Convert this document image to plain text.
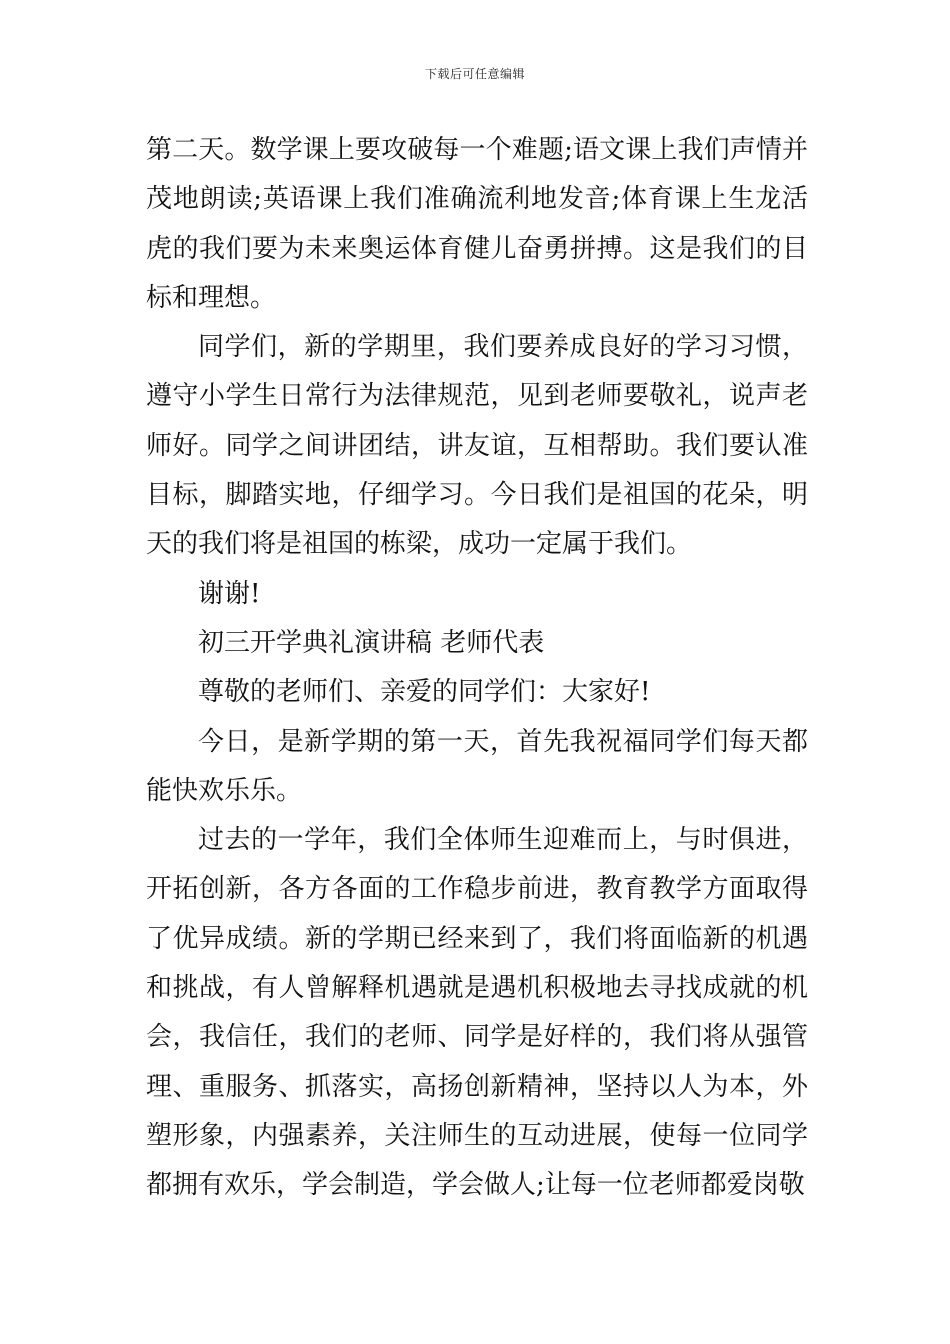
下载后可任意编辑

第二天。数学课上要攻破每一个难题;语文课上我们声情并茂地朗读;英语课上我们准确流利地发音;体育课上生龙活虎的我们要为未来奥运体育健儿奋勇拼搏。这是我们的目标和理想。

同学们，新的学期里，我们要养成良好的学习习惯，遵守小学生日常行为法律规范，见到老师要敬礼，说声老师好。同学之间讲团结，讲友谊，互相帮助。我们要认准目标，脚踏实地，仔细学习。今日我们是祖国的花朵，明天的我们将是祖国的栋梁，成功一定属于我们。

谢谢!

初三开学典礼演讲稿 老师代表

尊敬的老师们、亲爱的同学们：大家好!

今日，是新学期的第一天，首先我祝福同学们每天都能快欢乐乐。

过去的一学年，我们全体师生迎难而上，与时俱进，开拓创新，各方各面的工作稳步前进，教育教学方面取得了优异成绩。新的学期已经来到了，我们将面临新的机遇和挑战，有人曾解释机遇就是遇机积极地去寻找成就的机会，我信任，我们的老师、同学是好样的，我们将从强管理、重服务、抓落实，高扬创新精神，坚持以人为本，外塑形象，内强素养，关注师生的互动进展，使每一位同学都拥有欢乐，学会制造，学会做人;让每一位老师都爱岗敬
